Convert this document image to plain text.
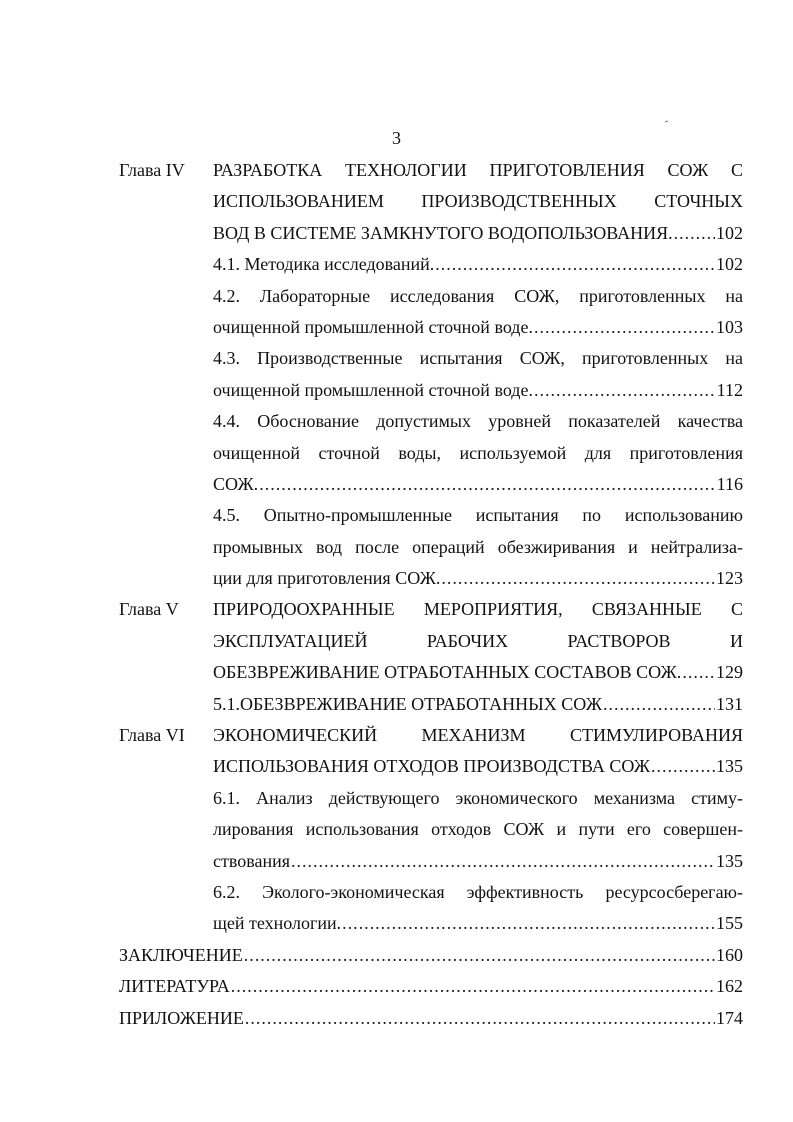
3
Глава IV РАЗРАБОТКА ТЕХНОЛОГИИ ПРИГОТОВЛЕНИЯ СОЖ С
ИСПОЛЬЗОВАНИЕМ ПРОИЗВОДСТВЕННЫХ СТОЧНЫХ
ВОД В СИСТЕМЕ ЗАМКНУТОГО ВОДОПОЛЬЗОВАНИЯ. ..... 102
4.1. Методика исследований. .....	102
4.2. Лабораторные исследования СОЖ, приготовленных на
очищенной промышленной сточной воде. .....	103
4.3. Производственные испытания СОЖ, приготовленных на
очищенной промышленной сточной воде. .....	112
4.4. Обоснование допустимых уровней показателей качества
очищенной сточной воды, используемой для приготовления
СОЖ. .....	116
4.5. Опытно-промышленные испытания по использованию
промывных вод после операций обезжиривания и нейтрализа-
ции для приготовления СОЖ. .....	123
Глава V ПРИРОДООХРАННЫЕ МЕРОПРИЯТИЯ, СВЯЗАННЫЕ С
ЭКСПЛУАТАЦИЕЙ РАБОЧИХ РАСТВОРОВ И
ОБЕЗВРЕЖИВАНИЕ ОТРАБОТАННЫХ СОСТАВОВ СОЖ. ..... 129
5.1.ОБЕЗВРЕЖИВАНИЕ ОТРАБОТАННЫХ СОЖ .....	131
Глава VI ЭКОНОМИЧЕСКИЙ МЕХАНИЗМ СТИМУЛИРОВАНИЯ
ИСПОЛЬЗОВАНИЯ ОТХОДОВ ПРОИЗВОДСТВА СОЖ .....	135
6.1. Анализ действующего экономического механизма стиму-
лирования использования отходов СОЖ и пути его совершен-
ствования .....	135
6.2. Эколого-экономическая эффективность ресурсосберегаю-
щей технологии. .....	155
ЗАКЛЮЧЕНИЕ .....	160
ЛИТЕРАТУРА .....	162
ПРИЛОЖЕНИЕ .....	174
